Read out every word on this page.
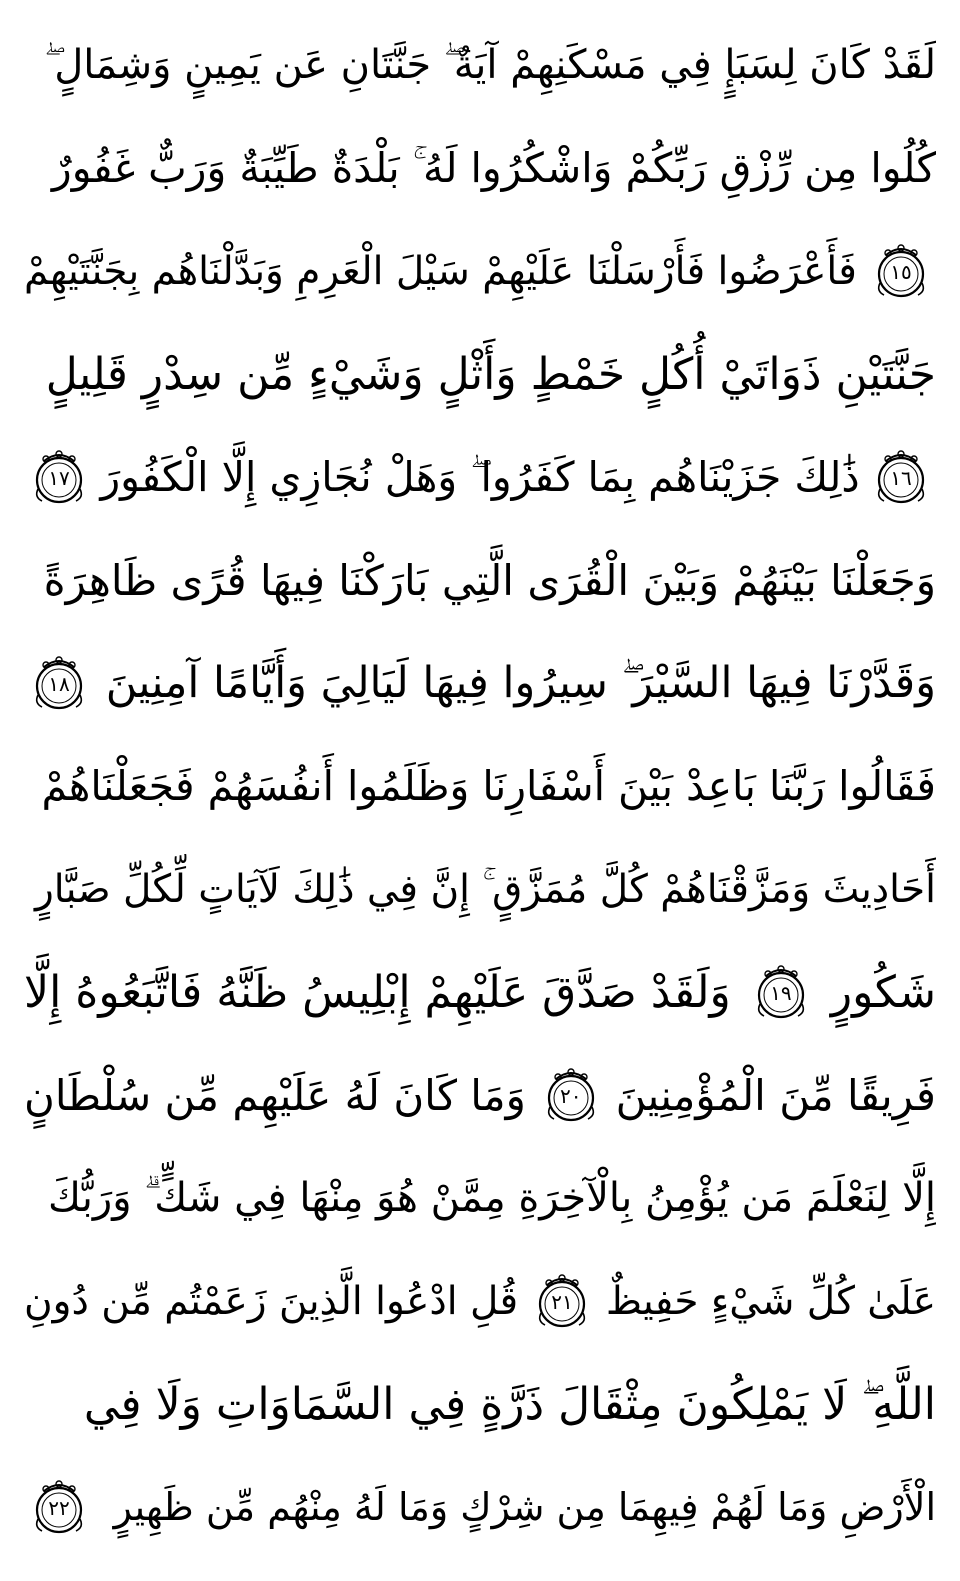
لَقَدْ كَانَ لِسَبَإٍ فِي مَسْكَنِهِمْ آيَةٌ ۖ جَنَّتَانِ عَن يَمِينٍ وَشِمَالٍ ۖ
كُلُوا مِن رِّزْقِ رَبِّكُمْ وَاشْكُرُوا لَهُ ۚ بَلْدَةٌ طَيِّبَةٌ وَرَبٌّ غَفُورٌ
١٥
فَأَعْرَضُوا فَأَرْسَلْنَا عَلَيْهِمْ سَيْلَ الْعَرِمِ وَبَدَّلْنَاهُم بِجَنَّتَيْهِمْ
جَنَّتَيْنِ ذَوَاتَيْ أُكُلٍ خَمْطٍ وَأَثْلٍ وَشَيْءٍ مِّن سِدْرٍ قَلِيلٍ
١٦
ذَٰلِكَ جَزَيْنَاهُم بِمَا كَفَرُوا ۖ وَهَلْ نُجَازِي إِلَّا الْكَفُورَ
١٧
وَجَعَلْنَا بَيْنَهُمْ وَبَيْنَ الْقُرَى الَّتِي بَارَكْنَا فِيهَا قُرًى ظَاهِرَةً
وَقَدَّرْنَا فِيهَا السَّيْرَ ۖ سِيرُوا فِيهَا لَيَالِيَ وَأَيَّامًا آمِنِينَ
١٨
فَقَالُوا رَبَّنَا بَاعِدْ بَيْنَ أَسْفَارِنَا وَظَلَمُوا أَنفُسَهُمْ فَجَعَلْنَاهُمْ
أَحَادِيثَ وَمَزَّقْنَاهُمْ كُلَّ مُمَزَّقٍ ۚ إِنَّ فِي ذَٰلِكَ لَآيَاتٍ لِّكُلِّ صَبَّارٍ
شَكُورٍ
١٩
وَلَقَدْ صَدَّقَ عَلَيْهِمْ إِبْلِيسُ ظَنَّهُ فَاتَّبَعُوهُ إِلَّا
فَرِيقًا مِّنَ الْمُؤْمِنِينَ
٢٠
وَمَا كَانَ لَهُ عَلَيْهِم مِّن سُلْطَانٍ
إِلَّا لِنَعْلَمَ مَن يُؤْمِنُ بِالْآخِرَةِ مِمَّنْ هُوَ مِنْهَا فِي شَكٍّ ۗ وَرَبُّكَ
عَلَىٰ كُلِّ شَيْءٍ حَفِيظٌ
٢١
قُلِ ادْعُوا الَّذِينَ زَعَمْتُم مِّن دُونِ
اللَّهِ ۖ لَا يَمْلِكُونَ مِثْقَالَ ذَرَّةٍ فِي السَّمَاوَاتِ وَلَا فِي
الْأَرْضِ وَمَا لَهُمْ فِيهِمَا مِن شِرْكٍ وَمَا لَهُ مِنْهُم مِّن ظَهِيرٍ
٢٢
